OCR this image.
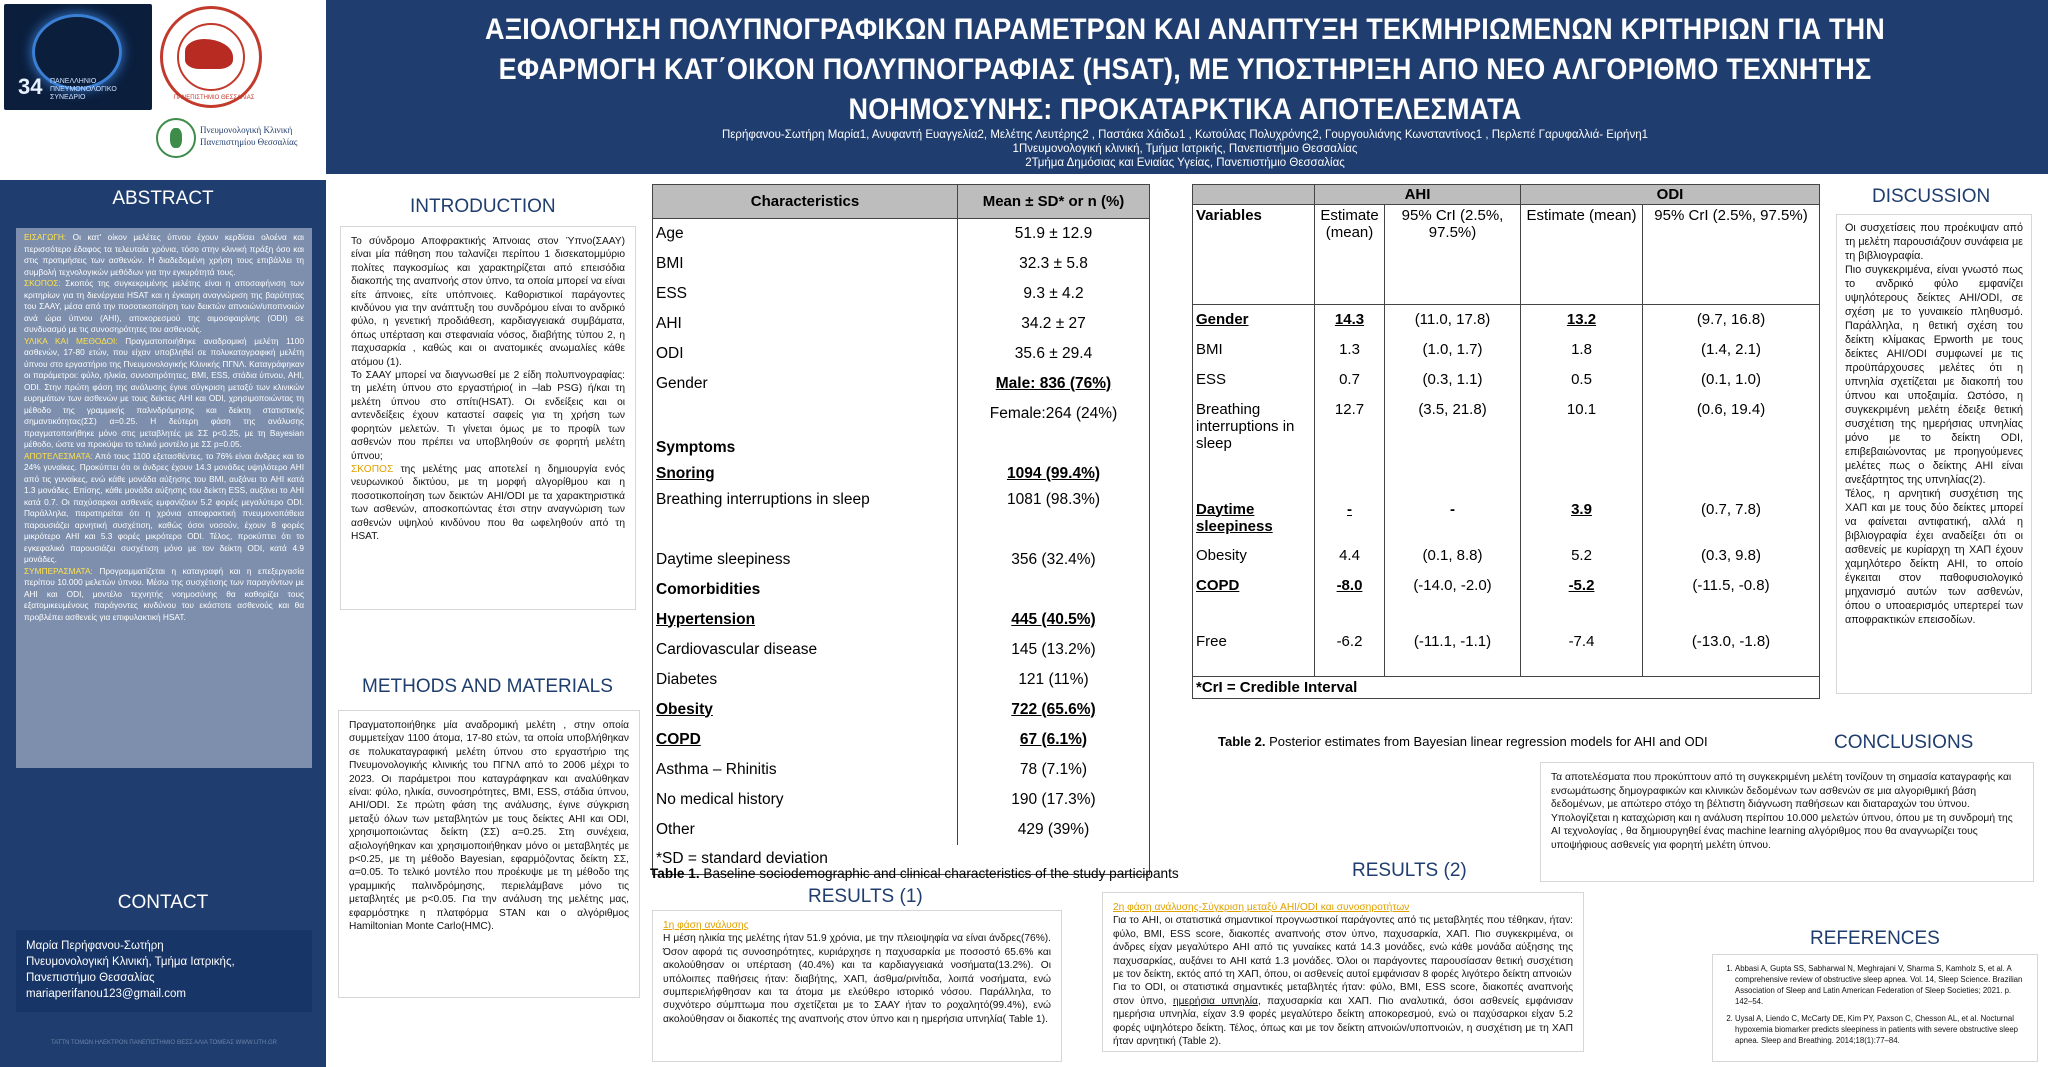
34 ΠΑΝΕΛΛΗΝΙΟ ΠΝΕΥΜΟΝΟΛΟΓΙΚΟ ΣΥΝΕΔΡΙΟ	ΠΑΝΕΠΙΣΤΗΜΙΟ ΘΕΣΣΑΛΙΑΣ
Πνευμονολογική Κλινική
Πανεπιστημίου Θεσσαλίας
ΑΞΙΟΛΟΓΗΣΗ ΠΟΛΥΠΝΟΓΡΑΦΙΚΩΝ ΠΑΡΑΜΕΤΡΩΝ ΚΑΙ ΑΝΑΠΤΥΞΗ ΤΕΚΜΗΡΙΩΜΕΝΩΝ ΚΡΙΤΗΡΙΩΝ ΓΙΑ ΤΗΝ ΕΦΑΡΜΟΓΗ ΚΑΤ΄ΟΙΚΟΝ ΠΟΛΥΠΝΟΓΡΑΦΙΑΣ (HSAT), ΜΕ ΥΠΟΣΤΗΡΙΞΗ ΑΠΟ ΝΕΟ ΑΛΓΟΡΙΘΜΟ ΤΕΧΝΗΤΗΣ ΝΟΗΜΟΣΥΝΗΣ: ΠΡΟΚΑΤΑΡΚΤΙΚΑ ΑΠΟΤΕΛΕΣΜΑΤΑ
Περήφανου-Σωτήρη Μαρία1, Ανυφαντή Ευαγγελία2, Μελέτης Λευτέρης2 , Παστάκα Χάιδω1 , Κωτούλας Πολυχρόνης2, Γουργουλιάνης Κωνσταντίνος1 , Περλεπέ Γαρυφαλλιά- Ειρήνη1
1Πνευμονολογική κλινική, Τμήμα Ιατρικής, Πανεπιστήμιο Θεσσαλίας
2Τμήμα Δημόσιας και Ενιαίας Υγείας, Πανεπιστήμιο Θεσσαλίας
ABSTRACT
ΕΙΣΑΓΩΓΗ: Οι κατ' οίκον μελέτες ύπνου έχουν κερδίσει ολοένα και περισσότερο έδαφος τα τελευταία χρόνια, τόσο στην κλινική πράξη όσο και στις προτιμήσεις των ασθενών. Η διαδεδομένη χρήση τους επιβάλλει τη συμβολή τεχνολογικών μεθόδων για την εγκυρότητά τους.
ΣΚΟΠΟΣ: Σκοπός της συγκεκριμένης μελέτης είναι η αποσαφήνιση των κριτηρίων για τη διενέργεια HSAT και η έγκαιρη αναγνώριση της βαρύτητας του ΣΑΑΥ, μέσα από την ποσοτικοποίηση των δεικτών απνοιών/υποπνοιών ανά ώρα ύπνου (AHI), αποκορεσμού της αιμοσφαιρίνης (ODI) σε συνδυασμό με τις συνοσηρότητες του ασθενούς.
ΥΛΙΚΑ ΚΑΙ ΜΕΘΟΔΟΙ: Πραγματοποιήθηκε αναδρομική μελέτη 1100 ασθενών, 17-80 ετών, που είχαν υποβληθεί σε πολυκαταγραφική μελέτη ύπνου στο εργαστήριο της Πνευμονολογικής Κλινικής ΠΓΝΛ. Καταγράφηκαν οι παράμετροι: φύλο, ηλικία, συνοσηρότητες, BMI, ESS, στάδια ύπνου, AHI, ODI. Στην πρώτη φάση της ανάλυσης έγινε σύγκριση μεταξύ των κλινικών ευρημάτων των ασθενών με τους δείκτες AHI και ODI, χρησιμοποιώντας τη μέθοδο της γραμμικής παλινδρόμησης και δείκτη στατιστικής σημαντικότητας(ΣΣ) α=0.25. Η δεύτερη φάση της ανάλυσης πραγματοποιήθηκε μόνο στις μεταβλητές με ΣΣ p<0.25, με τη Bayesian μέθοδο, ώστε να προκύψει το τελικό μοντέλο με ΣΣ p=0.05.
ΑΠΟΤΕΛΕΣΜΑΤΑ: Από τους 1100 εξετασθέντες, το 76% είναι άνδρες και το 24% γυναίκες. Προκύπτει ότι οι άνδρες έχουν 14.3 μονάδες υψηλότερο AHI από τις γυναίκες, ενώ κάθε μονάδα αύξησης του BMI, αυξάνει το AHI κατά 1.3 μονάδες. Επίσης, κάθε μονάδα αύξησης του δείκτη ESS, αυξάνει το AHI κατά 0.7. Οι παχύσαρκοι ασθενείς εμφανίζουν 5.2 φορές μεγαλύτερο ODI. Παράλληλα, παρατηρείται ότι η χρόνια αποφρακτική πνευμονοπάθεια παρουσιάζει αρνητική συσχέτιση, καθώς όσοι νοσούν, έχουν 8 φορές μικρότερο AHI και 5.3 φορές μικρότερο ODI. Τέλος, προκύπτει ότι το εγκεφαλικό παρουσιάζει συσχέτιση μόνο με τον δείκτη ODI, κατά 4.9 μονάδες.
ΣΥΜΠΕΡΑΣΜΑΤΑ: Προγραμματίζεται η καταγραφή και η επεξεργασία περίπου 10.000 μελετών ύπνου. Μέσω της συσχέτισης των παραγόντων με AHI και ODI, μοντέλο τεχνητής νοημοσύνης θα καθορίζει τους εξατομικευμένους παράγοντες κινδύνου του εκάστοτε ασθενούς και θα προβλέπει ασθενείς για επιφυλακτική HSAT.
CONTACT
Μαρία Περήφανου-Σωτήρη
Πνευμονολογική Κλινική, Τμήμα Ιατρικής,
Πανεπιστήμιο Θεσσαλίας
mariaperifanou123@gmail.com
ΤΑΤΤΝ ΤΟΜΩΝ ΗΛΕΚΤΡΟΝ ΠΑΝΕΠΙΣΤΗΜΙΟ ΘΕΣΣ ΑΛΙΑ ΤΟΜΕΑΣ WWW.UTH.GR
INTRODUCTION

Το σύνδρομο Αποφρακτικής Άπνοιας στον Ύπνο(ΣΑΑΥ) είναι μία πάθηση που ταλανίζει περίπου 1 δισεκατομμύριο πολίτες παγκοσμίως και χαρακτηρίζεται από επεισόδια διακοπής της αναπνοής στον ύπνο, τα οποία μπορεί να είναι είτε άπνοιες, είτε υπόπνοιες. Καθοριστικοί παράγοντες κινδύνου για την ανάπτυξη του συνδρόμου είναι το ανδρικό φύλο, η γενετική προδιάθεση, καρδιαγγειακά συμβάματα, όπως υπέρταση και στεφανιαία νόσος, διαβήτης τύπου 2, η παχυσαρκία , καθώς και οι ανατομικές ανωμαλίες κάθε ατόμου (1).

Το ΣΑΑΥ μπορεί να διαγνωσθεί με 2 είδη πολυπνογραφίας: τη μελέτη ύπνου στο εργαστήριο( in –lab PSG) ή/και τη μελέτη ύπνου στο σπίτι(HSAT). Οι ενδείξεις και οι αντενδείξεις έχουν καταστεί σαφείς για τη χρήση των φορητών μελετών. Τι γίνεται όμως με το προφίλ των ασθενών που πρέπει να υποβληθούν σε φορητή μελέτη ύπνου;
ΣΚΟΠΟΣ της μελέτης μας αποτελεί η δημιουργία ενός νευρωνικού δικτύου, με τη μορφή αλγορίθμου και η ποσοτικοποίηση των δεικτών AHI/ODI με τα χαρακτηριστικά των ασθενών, αποσκοπώντας έτσι στην αναγνώριση των ασθενών υψηλού κινδύνου που θα ωφεληθούν από τη HSAT.

METHODS AND MATERIALS
Πραγματοποιήθηκε μία αναδρομική μελέτη , στην οποία συμμετείχαν 1100 άτομα, 17-80 ετών, τα οποία υποβλήθηκαν σε πολυκαταγραφική μελέτη ύπνου στο εργαστήριο της Πνευμονολογικής κλινικής του ΠΓΝΛ από το 2006 μέχρι το 2023. Οι παράμετροι που καταγράφηκαν και αναλύθηκαν είναι: φύλο, ηλικία, συνοσηρότητες, BMI, ESS, στάδια ύπνου, AHI/ODI. Σε πρώτη φάση της ανάλυσης, έγινε σύγκριση μεταξύ όλων των μεταβλητών με τους δείκτες AHI και ODI, χρησιμοποιώντας δείκτη (ΣΣ) α=0.25. Στη συνέχεια, αξιολογήθηκαν και χρησιμοποιήθηκαν μόνο οι μεταβλητές με p<0.25, με τη μέθοδο Bayesian, εφαρμόζοντας δείκτη ΣΣ, α=0.05. Το τελικό μοντέλο που προέκυψε με τη μέθοδο της γραμμικής παλινδρόμησης, περιελάμβανε μόνο τις μεταβλητές με p<0.05. Για την ανάλυση της μελέτης μας, εφαρμόστηκε η πλατφόρμα STAN και ο αλγόριθμος Hamiltonian Monte Carlo(HMC).
Characteristics	Mean ± SD* or n (%)
Age	51.9 ± 12.9
BMI	32.3 ± 5.8
ESS	9.3 ± 4.2
AHI	34.2 ± 27
ODI	35.6 ± 29.4
Gender	Male: 836 (76%)
	Female:264 (24%)
Symptoms	
Snoring	1094 (99.4%)
Breathing interruptions in sleep	1081 (98.3%)
Daytime sleepiness	356 (32.4%)
Comorbidities	
Hypertension	445 (40.5%)
Cardiovascular disease	145 (13.2%)
Diabetes	121 (11%)
Obesity	722 (65.6%)
COPD	67 (6.1%)
Asthma – Rhinitis	78 (7.1%)
No medical history	190 (17.3%)
Other	429 (39%)
*SD = standard deviation	
Table 1. Baseline sociodemographic and clinical characteristics of the study participants
	AHI		ODI	
Variables	Estimate (mean)	95% CrI (2.5%, 97.5%)	Estimate (mean)	95% CrI (2.5%, 97.5%)
Gender	14.3	(11.0, 17.8)	13.2	(9.7, 16.8)
BMI	1.3	(1.0, 1.7)	1.8	(1.4, 2.1)
ESS	0.7	(0.3, 1.1)	0.5	(0.1, 1.0)
Breathing interruptions in sleep	12.7	(3.5, 21.8)	10.1	(0.6, 19.4)
Daytime sleepiness	-	-	3.9	(0.7, 7.8)
Obesity	4.4	(0.1, 8.8)	5.2	(0.3, 9.8)
COPD	-8.0	(-14.0, -2.0)	-5.2	(-11.5, -0.8)
Free	-6.2	(-11.1, -1.1)	-7.4	(-13.0, -1.8)
*CrI = Credible Interval				
Table 2. Posterior estimates from Bayesian linear regression models for AHI and ODI
DISCUSSION

Οι συσχετίσεις που προέκυψαν από τη μελέτη παρουσιάζουν συνάφεια με τη βιβλιογραφία.

Πιο συγκεκριμένα, είναι γνωστό πως το ανδρικό φύλο εμφανίζει υψηλότερους δείκτες AHI/ODI, σε σχέση με το γυναικείο πληθυσμό. Παράλληλα, η θετική σχέση του δείκτη κλίμακας Epworth με τους δείκτες AHI/ODI συμφωνεί με τις προϋπάρχουσες μελέτες ότι η υπνηλία σχετίζεται με διακοπή του ύπνου και υποξαιμία. Ωστόσο, η συγκεκριμένη μελέτη έδειξε θετική συσχέτιση της ημερήσιας υπνηλίας μόνο με το δείκτη ODI, επιβεβαιώνοντας με προηγούμενες μελέτες πως ο δείκτης AHI είναι ανεξάρτητος της υπνηλίας(2).

Τέλος, η αρνητική συσχέτιση της ΧΑΠ και με τους δύο δείκτες μπορεί να φαίνεται αντιφατική, αλλά η βιβλιογραφία έχει αναδείξει ότι οι ασθενείς με κυρίαρχη τη ΧΑΠ έχουν χαμηλότερο δείκτη AHI, το οποίο έγκειται στον παθοφυσιολογικό μηχανισμό αυτών των ασθενών, όπου ο υποαερισμός υπερτερεί των αποφρακτικών επεισοδίων.

CONCLUSIONS

Τα αποτελέσματα που προκύπτουν από τη συγκεκριμένη μελέτη τονίζουν τη σημασία καταγραφής και ενσωμάτωσης δημογραφικών και κλινικών δεδομένων των ασθενών σε μια αλγοριθμική βάση δεδομένων, με απώτερο στόχο τη βέλτιστη διάγνωση παθήσεων και διαταραχών του ύπνου.

Υπολογίζεται η καταχώριση και η ανάλυση περίπου 10.000 μελετών ύπνου, όπου με τη συνδρομή της AI τεχνολογίας , θα δημιουργηθεί ένας machine learning αλγόριθμος που θα αναγνωρίζει τους υποψήφιους ασθενείς για φορητή μελέτη ύπνου.

RESULTS (1)
1η φάση ανάλυσης
Η μέση ηλικία της μελέτης ήταν 51.9 χρόνια, με την πλειοψηφία να είναι άνδρες(76%). Όσον αφορά τις συνοσηρότητες, κυριάρχησε η παχυσαρκία με ποσοστό 65.6% και ακολούθησαν οι υπέρταση (40.4%) και τα καρδιαγγειακά νοσήματα(13.2%). Οι υπόλοιπες παθήσεις ήταν: διαβήτης, ΧΑΠ, άσθμα/ρινίτιδα, λοιπά νοσήματα, ενώ συμπεριελήφθησαν και τα άτομα με ελεύθερο ιστορικό νόσου. Παράλληλα, το συχνότερο σύμπτωμα που σχετίζεται με το ΣΑΑΥ ήταν το ροχαλητό(99.4%), ενώ ακολούθησαν οι διακοπές της αναπνοής στον ύπνο και η ημερήσια υπνηλία( Table 1).
RESULTS (2)
2η φάση ανάλυσης-Σύγκριση μεταξύ AHI/ODI και συνοσηροτήτων
Για το AHI, οι στατιστικά σημαντικοί προγνωστικοί παράγοντες από τις μεταβλητές που τέθηκαν, ήταν: φύλο, BMI, ESS score, διακοπές αναπνοής στον ύπνο, παχυσαρκία, ΧΑΠ. Πιο συγκεκριμένα, οι άνδρες είχαν μεγαλύτερο AHI από τις γυναίκες κατά 14.3 μονάδες, ενώ κάθε μονάδα αύξησης της παχυσαρκίας, αυξάνει το AHI κατά 1.3 μονάδες. Όλοι οι παράγοντες παρουσίασαν θετική συσχέτιση με τον δείκτη, εκτός από τη ΧΑΠ, όπου, οι ασθενείς αυτοί εμφάνισαν 8 φορές λιγότερο δείκτη απνοιών
Για το ODI, οι στατιστικά σημαντικές μεταβλητές ήταν: φύλο, BMI, ESS score, διακοπές αναπνοής στον ύπνο, ημερήσια υπνηλία, παχυσαρκία και ΧΑΠ. Πιο αναλυτικά, όσοι ασθενείς εμφάνισαν ημερήσια υπνηλία, είχαν 3.9 φορές μεγαλύτερο δείκτη αποκορεσμού, ενώ οι παχύσαρκοι είχαν 5.2 φορές υψηλότερο δείκτη. Τέλος, όπως και με τον δείκτη απνοιών/υποπνοιών, η συσχέτιση με τη ΧΑΠ ήταν αρνητική (Table 2).
REFERENCES
1. Abbasi A, Gupta SS, Sabharwal N, Meghrajani V, Sharma S, Kamholz S, et al. A comprehensive review of obstructive sleep apnea. Vol. 14, Sleep Science. Brazilian Association of Sleep and Latin American Federation of Sleep Societies; 2021. p. 142–54.
2. Uysal A, Liendo C, McCarty DE, Kim PY, Paxson C, Chesson AL, et al. Nocturnal hypoxemia biomarker predicts sleepiness in patients with severe obstructive sleep apnea. Sleep and Breathing. 2014;18(1):77–84.
